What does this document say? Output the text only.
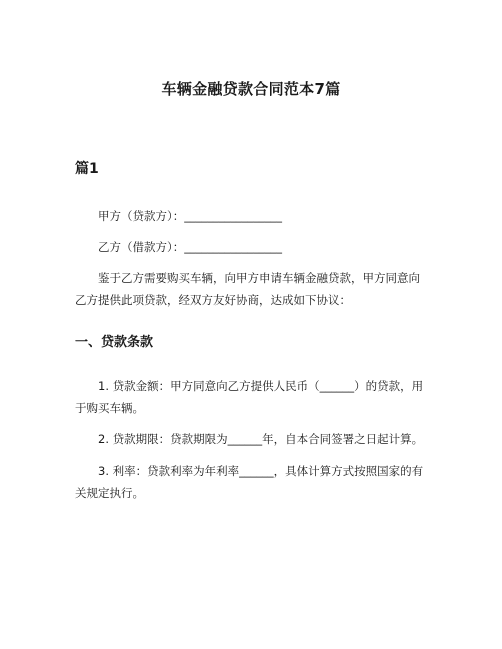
车辆金融贷款合同范本7篇
篇1

甲方（贷款方）：_________________

乙方（借款方）：_________________

鉴于乙方需要购买车辆，向甲方申请车辆金融贷款，甲方同意向乙方提供此项贷款，经双方友好协商，达成如下协议：

一、贷款条款

1. 贷款金额：甲方同意向乙方提供人民币（______）的贷款，用于购买车辆。

2. 贷款期限：贷款期限为______年，自本合同签署之日起计算。

3. 利率：贷款利率为年利率______，具体计算方式按照国家的有关规定执行。
